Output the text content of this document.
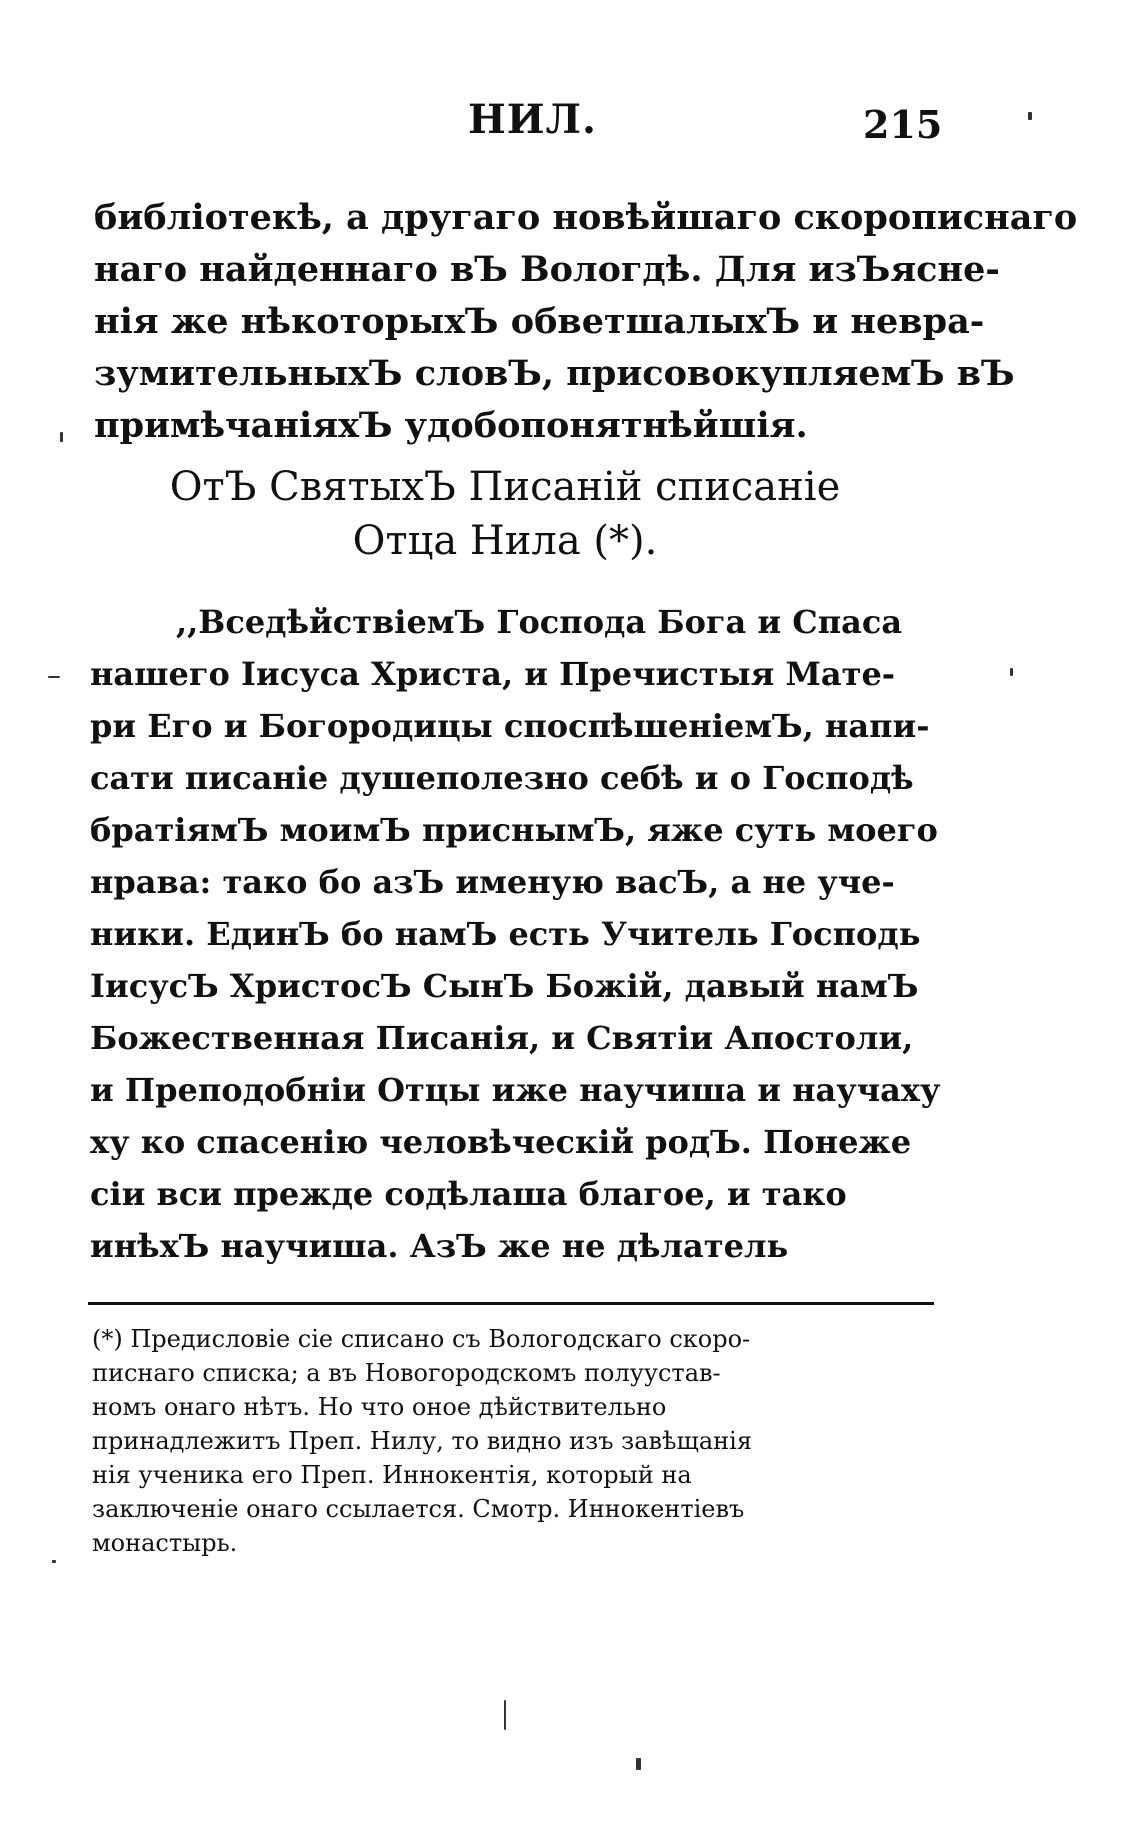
НИЛ.	215
библіотекѣ, а другаго новѣйшаго скорописнаго
наго найденнаго вЪ Вологдѣ. Для изЪясне-
нія же нѣкоторыхЪ обветшалыхЪ и невра-
зумительныхЪ словЪ, присовокупляемЪ вЪ
примѣчаніяхЪ удобопонятнѣйшія.
ОтЪ СвятыхЪ Писаній списаніе
Отца Нила (*).
,,ВседѣйствіемЪ Господа Бога и Спаса
нашего Іисуса Христа, и Пречистыя Мате-
ри Его и Богородицы споспѣшеніемЪ, напи-
сати писаніе душеполезно себѣ и о Господѣ
братіямЪ моимЪ приснымЪ, яже суть моего
нрава: тако бо азЪ именую васЪ, а не уче-
ники. ЕдинЪ бо намЪ есть Учитель Господь
ІисусЪ ХристосЪ СынЪ Божій, давый намЪ
Божественная Писанія, и Святіи Апостоли,
и Преподобніи Отцы иже научиша и научаху
ху ко спасенію человѣческій родЪ. Понеже
сіи вси прежде содѣлаша благое, и тако
инѣхЪ научиша. АзЪ же не дѣлатель
(*) Предисловіе сіе списано съ Вологодскаго скоро-
писнаго списка; а въ Новогородскомъ полуустав-
номъ онаго нѣтъ. Но что оное дѣйствительно
принадлежитъ Преп. Нилу, то видно изъ завѣщанія
нія ученика его Преп. Иннокентія, который на
заключеніе онаго ссылается. Смотр. Иннокентіевъ
монастырь.
